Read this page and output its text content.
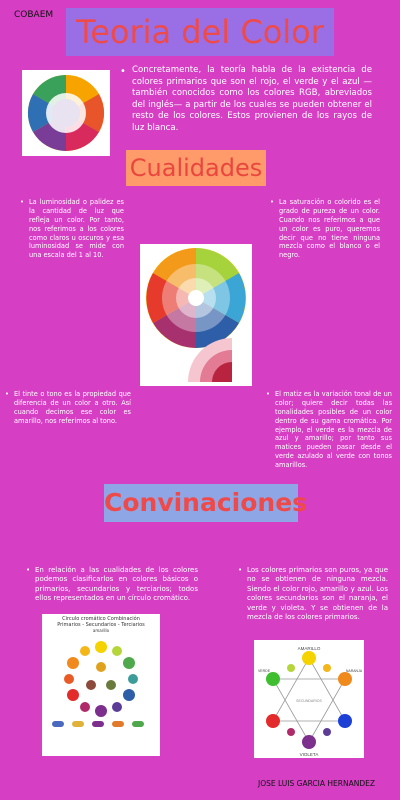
COBAEM Teoria del Color
• Concretamente, la teoría habla de la existencia de colores primarios que son el rojo, el verde y el azul — también conocidos como los colores RGB, abreviados del inglés— a partir de los cuales se pueden obtener el resto de los colores. Estos provienen de los rayos de luz blanca.
Cualidades
• La luminosidad o palidez es la cantidad de luz que refleja un color. Por tanto, nos referimos a los colores como claros u oscuros y esa luminosidad se mide con una escala del 1 al 10.
• La saturación o colorido es el grado de pureza de un color. Cuando nos referimos a que un color es puro, queremos decir que no tiene ninguna mezcla como el blanco o el negro.
• El tinte o tono es la propiedad que diferencia de un color a otro. Así cuando decimos ese color es amarillo, nos referimos al tono.
• El matiz es la variación tonal de un color; quiere decir todas las tonalidades posibles de un color dentro de su gama cromática. Por ejemplo, el verde es la mezcla de azul y amarillo; por tanto sus matices pueden pasar desde el verde azulado al verde con tonos amarillos.
Convinaciones
• En relación a las cualidades de los colores podemos clasificarlos en colores básicos o primarios, secundarios y terciarios; todos ellos representados en un círculo cromático.
• Los colores primarios son puros, ya que no se obtienen de ninguna mezcla. Siendo el color rojo, amarillo y azul. Los colores secundarios son el naranja, el verde y violeta. Y se obtienen de la mezcla de los colores primarios.
Circulo cromático Combinación
Primarios - Secundarios - Terciarios
amarillo
AMARILLO
VIOLETA
SECUNDARIOS
VERDE	NARANJA
JOSE LUIS GARCIA HERNANDEZ
